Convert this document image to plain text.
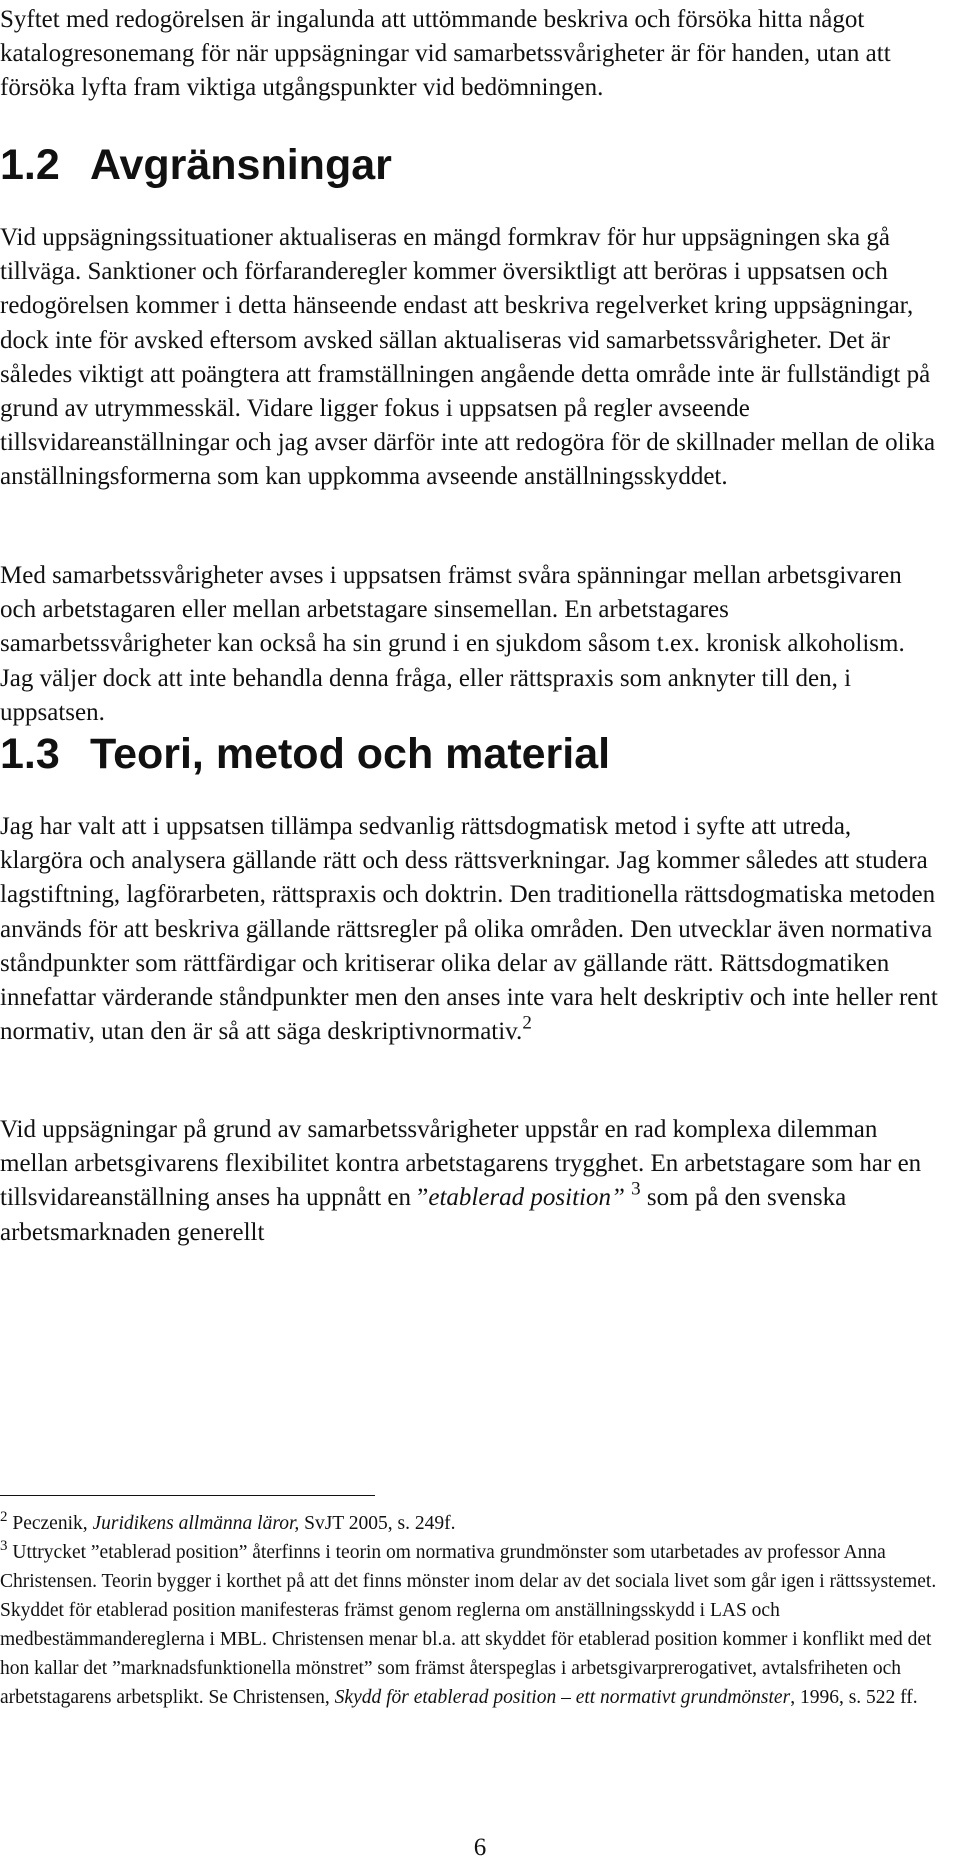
Syftet med redogörelsen är ingalunda att uttömmande beskriva och försöka hitta något katalogresonemang för när uppsägningar vid samarbetssvårigheter är för handen, utan att försöka lyfta fram viktiga utgångspunkter vid bedömningen.

1.2 Avgränsningar

Vid uppsägningssituationer aktualiseras en mängd formkrav för hur uppsägningen ska gå tillväga. Sanktioner och förfaranderegler kommer översiktligt att beröras i uppsatsen och redogörelsen kommer i detta hänseende endast att beskriva regelverket kring uppsägningar, dock inte för avsked eftersom avsked sällan aktualiseras vid samarbetssvårigheter. Det är således viktigt att poängtera att framställningen angående detta område inte är fullständigt på grund av utrymmesskäl. Vidare ligger fokus i uppsatsen på regler avseende tillsvidareanställningar och jag avser därför inte att redogöra för de skillnader mellan de olika anställningsformerna som kan uppkomma avseende anställningsskyddet.

Med samarbetssvårigheter avses i uppsatsen främst svåra spänningar mellan arbetsgivaren och arbetstagaren eller mellan arbetstagare sinsemellan. En arbetstagares samarbetssvårigheter kan också ha sin grund i en sjukdom såsom t.ex. kronisk alkoholism. Jag väljer dock att inte behandla denna fråga, eller rättspraxis som anknyter till den, i uppsatsen.

1.3 Teori, metod och material

Jag har valt att i uppsatsen tillämpa sedvanlig rättsdogmatisk metod i syfte att utreda, klargöra och analysera gällande rätt och dess rättsverkningar. Jag kommer således att studera lagstiftning, lagförarbeten, rättspraxis och doktrin. Den traditionella rättsdogmatiska metoden används för att beskriva gällande rättsregler på olika områden. Den utvecklar även normativa ståndpunkter som rättfärdigar och kritiserar olika delar av gällande rätt. Rättsdogmatiken innefattar värderande ståndpunkter men den anses inte vara helt deskriptiv och inte heller rent normativ, utan den är så att säga deskriptivnormativ.$^2$

Vid uppsägningar på grund av samarbetssvårigheter uppstår en rad komplexa dilemman mellan arbetsgivarens flexibilitet kontra arbetstagarens trygghet. En arbetstagare som har en tillsvidareanställning anses ha uppnått en ”etablerad position” $^3$ som på den svenska arbetsmarknaden generellt

$^2$ Peczenik, Juridikens allmänna läror, SvJT 2005, s. 249f.

$^3$ Uttrycket ”etablerad position” återfinns i teorin om normativa grundmönster som utarbetades av professor Anna Christensen. Teorin bygger i korthet på att det finns mönster inom delar av det sociala livet som går igen i rättssystemet. Skyddet för etablerad position manifesteras främst genom reglerna om anställningsskydd i LAS och medbestämmandereglerna i MBL. Christensen menar bl.a. att skyddet för etablerad position kommer i konflikt med det hon kallar det ”marknadsfunktionella mönstret” som främst återspeglas i arbetsgivarprerogativet, avtalsfriheten och arbetstagarens arbetsplikt. Se Christensen, Skydd för etablerad position – ett normativt grundmönster, 1996, s. 522 ff.

6
